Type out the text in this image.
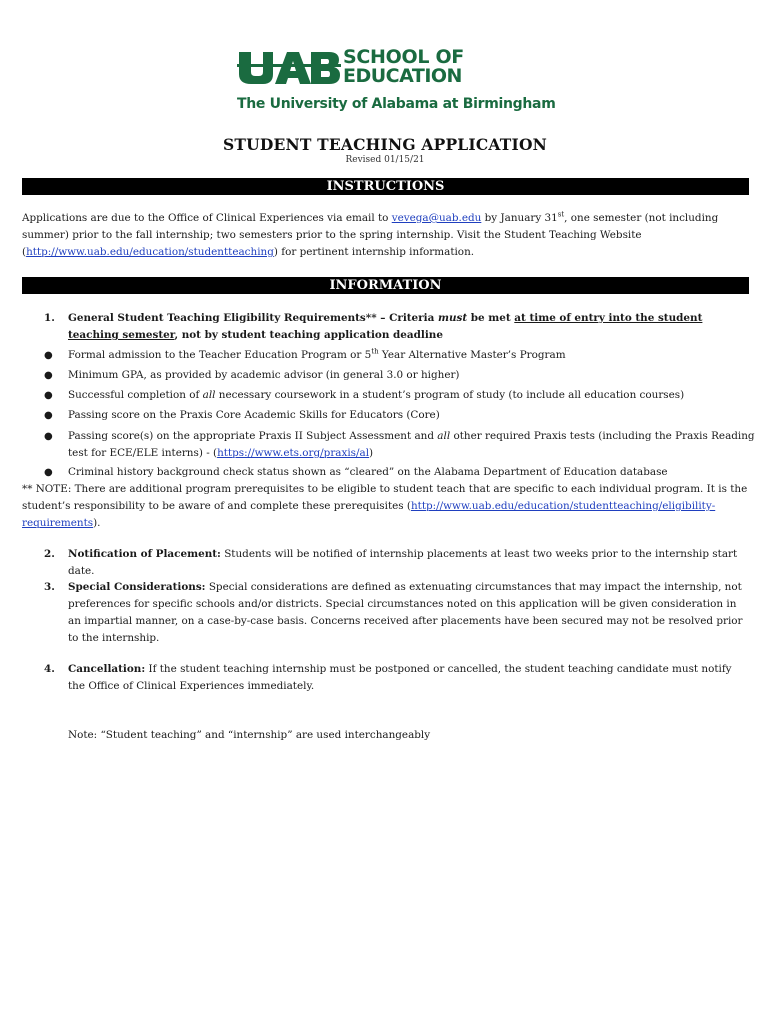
SCHOOL OF
EDUCATION
The University of Alabama at Birmingham
STUDENT TEACHING APPLICATION
Revised 01/15/21
INSTRUCTIONS
Applications are due to the Office of Clinical Experiences via email to vevega@uab.edu by January 31st, one semester (not including summer) prior to the fall internship; two semesters prior to the spring internship. Visit the Student Teaching Website (http://www.uab.edu/education/studentteaching) for pertinent internship information.
INFORMATION
1. General Student Teaching Eligibility Requirements** – Criteria must be met at time of entry into the student teaching semester, not by student teaching application deadline
● Formal admission to the Teacher Education Program or 5th Year Alternative Master’s Program
● Minimum GPA, as provided by academic advisor (in general 3.0 or higher)
● Successful completion of all necessary coursework in a student’s program of study (to include all education courses)
● Passing score on the Praxis Core Academic Skills for Educators (Core)
● Passing score(s) on the appropriate Praxis II Subject Assessment and all other required Praxis tests (including the Praxis Reading test for ECE/ELE interns) - (https://www.ets.org/praxis/al)
● Criminal history background check status shown as “cleared” on the Alabama Department of Education database
** NOTE: There are additional program prerequisites to be eligible to student teach that are specific to each individual program. It is the student’s responsibility to be aware of and complete these prerequisites (http://www.uab.edu/education/studentteaching/eligibility-requirements).
2. Notification of Placement: Students will be notified of internship placements at least two weeks prior to the internship start date.
3. Special Considerations: Special considerations are defined as extenuating circumstances that may impact the internship, not preferences for specific schools and/or districts. Special circumstances noted on this application will be given consideration in an impartial manner, on a case-by-case basis. Concerns received after placements have been secured may not be resolved prior to the internship.
4. Cancellation: If the student teaching internship must be postponed or cancelled, the student teaching candidate must notify the Office of Clinical Experiences immediately.
Note: “Student teaching” and “internship” are used interchangeably
